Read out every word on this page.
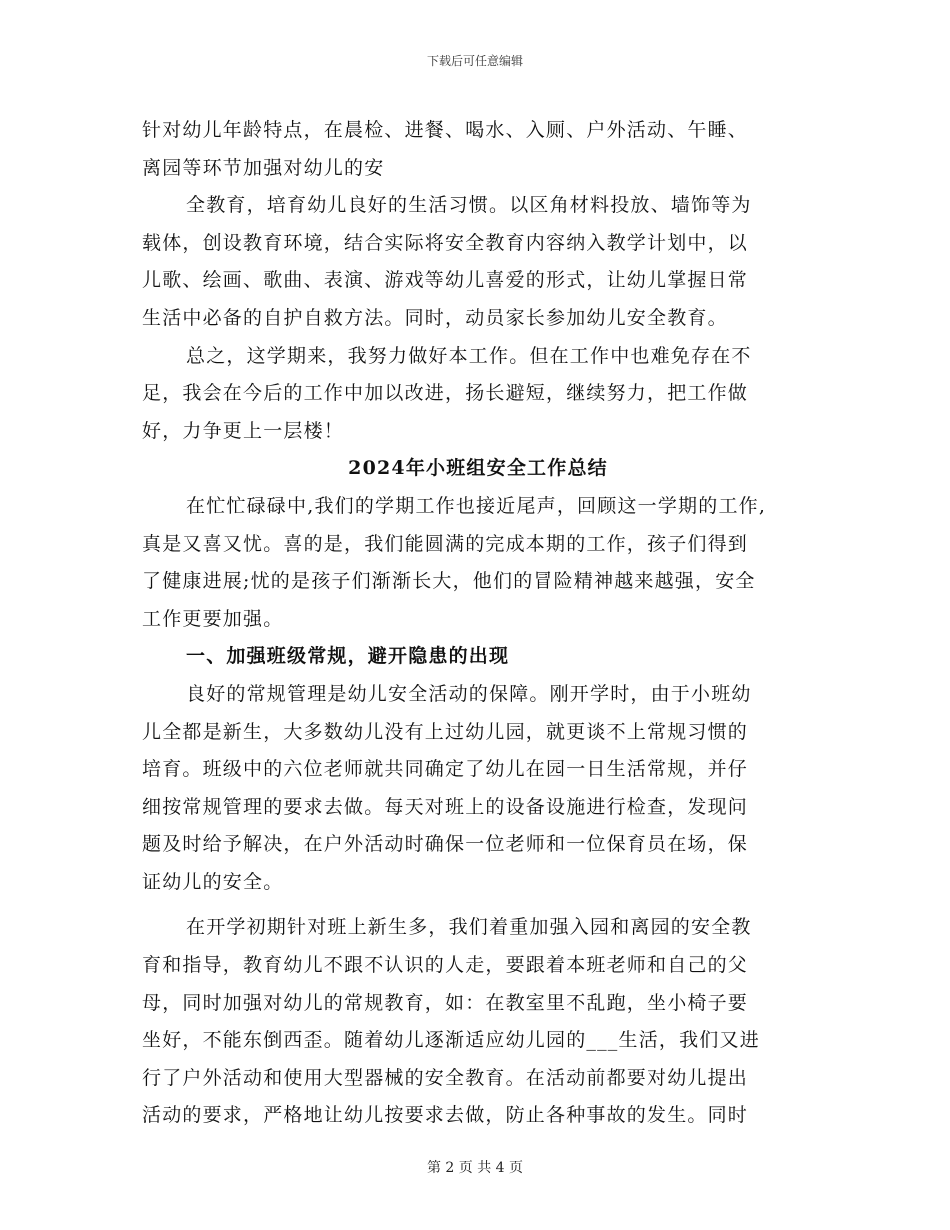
下载后可任意编辑
针对幼儿年龄特点，在晨检、进餐、喝水、入厕、户外活动、午睡、
离园等环节加强对幼儿的安
全教育，培育幼儿良好的生活习惯。以区角材料投放、墙饰等为
载体，创设教育环境，结合实际将安全教育内容纳入教学计划中，以
儿歌、绘画、歌曲、表演、游戏等幼儿喜爱的形式，让幼儿掌握日常
生活中必备的自护自救方法。同时，动员家长参加幼儿安全教育。
总之，这学期来，我努力做好本工作。但在工作中也难免存在不
足，我会在今后的工作中加以改进，扬长避短，继续努力，把工作做
好，力争更上一层楼！
2024年小班组安全工作总结
在忙忙碌碌中,我们的学期工作也接近尾声，回顾这一学期的工作,
真是又喜又忧。喜的是，我们能圆满的完成本期的工作，孩子们得到
了健康进展;忧的是孩子们渐渐长大，他们的冒险精神越来越强，安全
工作更要加强。
一、加强班级常规，避开隐患的出现
良好的常规管理是幼儿安全活动的保障。刚开学时，由于小班幼
儿全都是新生，大多数幼儿没有上过幼儿园，就更谈不上常规习惯的
培育。班级中的六位老师就共同确定了幼儿在园一日生活常规，并仔
细按常规管理的要求去做。每天对班上的设备设施进行检查，发现问
题及时给予解决，在户外活动时确保一位老师和一位保育员在场，保
证幼儿的安全。
在开学初期针对班上新生多，我们着重加强入园和离园的安全教
育和指导，教育幼儿不跟不认识的人走，要跟着本班老师和自己的父
母，同时加强对幼儿的常规教育，如：在教室里不乱跑，坐小椅子要
坐好，不能东倒西歪。随着幼儿逐渐适应幼儿园的___生活，我们又进
行了户外活动和使用大型器械的安全教育。在活动前都要对幼儿提出
活动的要求，严格地让幼儿按要求去做，防止各种事故的发生。同时
第 2 页 共 4 页
